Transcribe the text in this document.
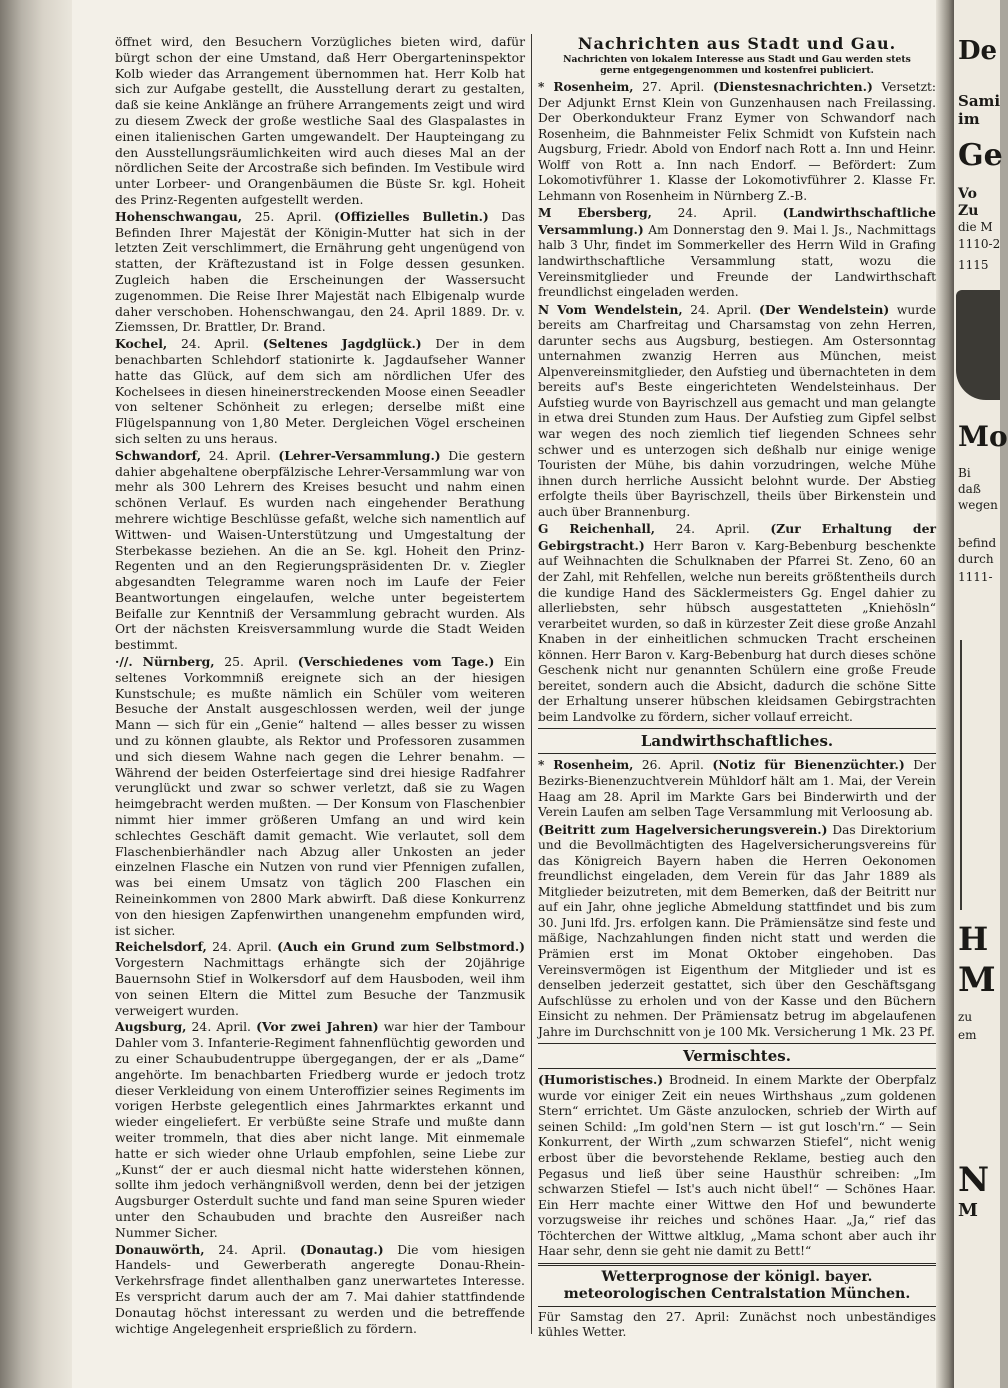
De
Sami
im
Ge
Vo
Zu
die M
1110-2
1115
Mo
Bi
daß
wegen
befind
durch
1111-
H
M
zu
em
N
M

öffnet wird, den Besuchern Vorzügliches bieten wird, dafür bürgt schon der eine Umstand, daß Herr Obergarteninspektor Kolb wieder das Arrangement übernommen hat. Herr Kolb hat sich zur Aufgabe gestellt, die Ausstellung derart zu gestalten, daß sie keine Anklänge an frühere Arrangements zeigt und wird zu diesem Zweck der große westliche Saal des Glaspalastes in einen italienischen Garten umgewandelt. Der Haupteingang zu den Ausstellungsräumlichkeiten wird auch dieses Mal an der nördlichen Seite der Arcostraße sich befinden. Im Vestibule wird unter Lorbeer- und Orangenbäumen die Büste Sr. kgl. Hoheit des Prinz-Regenten aufgestellt werden.

Hohenschwangau, 25. April. (Offizielles Bulletin.) Das Befinden Ihrer Majestät der Königin-Mutter hat sich in der letzten Zeit verschlimmert, die Ernährung geht ungenügend von statten, der Kräftezustand ist in Folge dessen gesunken. Zugleich haben die Erscheinungen der Wassersucht zugenommen. Die Reise Ihrer Majestät nach Elbigenalp wurde daher verschoben. Hohenschwangau, den 24. April 1889. Dr. v. Ziemssen, Dr. Brattler, Dr. Brand.

Kochel, 24. April. (Seltenes Jagdglück.) Der in dem benachbarten Schlehdorf stationirte k. Jagdaufseher Wanner hatte das Glück, auf dem sich am nördlichen Ufer des Kochelsees in diesen hineinerstreckenden Moose einen Seeadler von seltener Schönheit zu erlegen; derselbe mißt eine Flügelspannung von 1,80 Meter. Dergleichen Vögel erscheinen sich selten zu uns heraus.

Schwandorf, 24. April. (Lehrer-Versammlung.) Die gestern dahier abgehaltene oberpfälzische Lehrer-Versammlung war von mehr als 300 Lehrern des Kreises besucht und nahm einen schönen Verlauf. Es wurden nach eingehender Berathung mehrere wichtige Beschlüsse gefaßt, welche sich namentlich auf Wittwen- und Waisen-Unterstützung und Umgestaltung der Sterbekasse beziehen. An die an Se. kgl. Hoheit den Prinz-Regenten und an den Regierungspräsidenten Dr. v. Ziegler abgesandten Telegramme waren noch im Laufe der Feier Beantwortungen eingelaufen, welche unter begeistertem Beifalle zur Kenntniß der Versammlung gebracht wurden. Als Ort der nächsten Kreisversammlung wurde die Stadt Weiden bestimmt.

·//. Nürnberg, 25. April. (Verschiedenes vom Tage.) Ein seltenes Vorkommniß ereignete sich an der hiesigen Kunstschule; es mußte nämlich ein Schüler vom weiteren Besuche der Anstalt ausgeschlossen werden, weil der junge Mann — sich für ein „Genie“ haltend — alles besser zu wissen und zu können glaubte, als Rektor und Professoren zusammen und sich diesem Wahne nach gegen die Lehrer benahm. — Während der beiden Osterfeiertage sind drei hiesige Radfahrer verunglückt und zwar so schwer verletzt, daß sie zu Wagen heimgebracht werden mußten. — Der Konsum von Flaschenbier nimmt hier immer größeren Umfang an und wird kein schlechtes Geschäft damit gemacht. Wie verlautet, soll dem Flaschenbierhändler nach Abzug aller Unkosten an jeder einzelnen Flasche ein Nutzen von rund vier Pfennigen zufallen, was bei einem Umsatz von täglich 200 Flaschen ein Reineinkommen von 2800 Mark abwirft. Daß diese Konkurrenz von den hiesigen Zapfenwirthen unangenehm empfunden wird, ist sicher.

Reichelsdorf, 24. April. (Auch ein Grund zum Selbstmord.) Vorgestern Nachmittags erhängte sich der 20jährige Bauernsohn Stief in Wolkersdorf auf dem Hausboden, weil ihm von seinen Eltern die Mittel zum Besuche der Tanzmusik verweigert wurden.

Augsburg, 24. April. (Vor zwei Jahren) war hier der Tambour Dahler vom 3. Infanterie-Regiment fahnenflüchtig geworden und zu einer Schaubudentruppe übergegangen, der er als „Dame“ angehörte. Im benachbarten Friedberg wurde er jedoch trotz dieser Verkleidung von einem Unteroffizier seines Regiments im vorigen Herbste gelegentlich eines Jahrmarktes erkannt und wieder eingeliefert. Er verbüßte seine Strafe und mußte dann weiter trommeln, that dies aber nicht lange. Mit einmemale hatte er sich wieder ohne Urlaub empfohlen, seine Liebe zur „Kunst“ der er auch diesmal nicht hatte widerstehen können, sollte ihm jedoch verhängnißvoll werden, denn bei der jetzigen Augsburger Osterdult suchte und fand man seine Spuren wieder unter den Schaubuden und brachte den Ausreißer nach Nummer Sicher.

Donauwörth, 24. April. (Donautag.) Die vom hiesigen Handels- und Gewerberath angeregte Donau-Rhein-Verkehrsfrage findet allenthalben ganz unerwartetes Interesse. Es verspricht darum auch der am 7. Mai dahier stattfindende Donautag höchst interessant zu werden und die betreffende wichtige Angelegenheit ersprießlich zu fördern.

Nachrichten aus Stadt und Gau.
Nachrichten von lokalem Interesse aus Stadt und Gau werden stets gerne entgegengenommen und kostenfrei publiciert.

* Rosenheim, 27. April. (Dienstesnachrichten.) Versetzt: Der Adjunkt Ernst Klein von Gunzenhausen nach Freilassing. Der Oberkondukteur Franz Eymer von Schwandorf nach Rosenheim, die Bahnmeister Felix Schmidt von Kufstein nach Augsburg, Friedr. Abold von Endorf nach Rott a. Inn und Heinr. Wolff von Rott a. Inn nach Endorf. — Befördert: Zum Lokomotivführer 1. Klasse der Lokomotivführer 2. Klasse Fr. Lehmann von Rosenheim in Nürnberg Z.-B.

M Ebersberg, 24. April. (Landwirthschaftliche Versammlung.) Am Donnerstag den 9. Mai l. Js., Nachmittags halb 3 Uhr, findet im Sommerkeller des Herrn Wild in Grafing landwirthschaftliche Versammlung statt, wozu die Vereinsmitglieder und Freunde der Landwirthschaft freundlichst eingeladen werden.

N Vom Wendelstein, 24. April. (Der Wendelstein) wurde bereits am Charfreitag und Charsamstag von zehn Herren, darunter sechs aus Augsburg, bestiegen. Am Ostersonntag unternahmen zwanzig Herren aus München, meist Alpenvereinsmitglieder, den Aufstieg und übernachteten in dem bereits auf's Beste eingerichteten Wendelsteinhaus. Der Aufstieg wurde von Bayrischzell aus gemacht und man gelangte in etwa drei Stunden zum Haus. Der Aufstieg zum Gipfel selbst war wegen des noch ziemlich tief liegenden Schnees sehr schwer und es unterzogen sich deßhalb nur einige wenige Touristen der Mühe, bis dahin vorzudringen, welche Mühe ihnen durch herrliche Aussicht belohnt wurde. Der Abstieg erfolgte theils über Bayrischzell, theils über Birkenstein und auch über Brannenburg.

G Reichenhall, 24. April. (Zur Erhaltung der Gebirgstracht.) Herr Baron v. Karg-Bebenburg beschenkte auf Weihnachten die Schulknaben der Pfarrei St. Zeno, 60 an der Zahl, mit Rehfellen, welche nun bereits größtentheils durch die kundige Hand des Säcklermeisters Gg. Engel dahier zu allerliebsten, sehr hübsch ausgestatteten „Kniehösln“ verarbeitet wurden, so daß in kürzester Zeit diese große Anzahl Knaben in der einheitlichen schmucken Tracht erscheinen können. Herr Baron v. Karg-Bebenburg hat durch dieses schöne Geschenk nicht nur genannten Schülern eine große Freude bereitet, sondern auch die Absicht, dadurch die schöne Sitte der Erhaltung unserer hübschen kleidsamen Gebirgstrachten beim Landvolke zu fördern, sicher vollauf erreicht.

Landwirthschaftliches.

* Rosenheim, 26. April. (Notiz für Bienenzüchter.) Der Bezirks-Bienenzuchtverein Mühldorf hält am 1. Mai, der Verein Haag am 28. April im Markte Gars bei Binderwirth und der Verein Laufen am selben Tage Versammlung mit Verloosung ab.

(Beitritt zum Hagelversicherungsverein.) Das Direktorium und die Bevollmächtigten des Hagelversicherungsvereins für das Königreich Bayern haben die Herren Oekonomen freundlichst eingeladen, dem Verein für das Jahr 1889 als Mitglieder beizutreten, mit dem Bemerken, daß der Beitritt nur auf ein Jahr, ohne jegliche Abmeldung stattfindet und bis zum 30. Juni lfd. Jrs. erfolgen kann. Die Prämiensätze sind feste und mäßige, Nachzahlungen finden nicht statt und werden die Prämien erst im Monat Oktober eingehoben. Das Vereinsvermögen ist Eigenthum der Mitglieder und ist es denselben jederzeit gestattet, sich über den Geschäftsgang Aufschlüsse zu erholen und von der Kasse und den Büchern Einsicht zu nehmen. Der Prämiensatz betrug im abgelaufenen Jahre im Durchschnitt von je 100 Mk. Versicherung 1 Mk. 23 Pf.

Vermischtes.

(Humoristisches.) Brodneid. In einem Markte der Oberpfalz wurde vor einiger Zeit ein neues Wirthshaus „zum goldenen Stern“ errichtet. Um Gäste anzulocken, schrieb der Wirth auf seinen Schild: „Im gold'nen Stern — ist gut losch'rn.“ — Sein Konkurrent, der Wirth „zum schwarzen Stiefel“, nicht wenig erbost über die bevorstehende Reklame, bestieg auch den Pegasus und ließ über seine Hausthür schreiben: „Im schwarzen Stiefel — Ist's auch nicht übel!“ — Schönes Haar. Ein Herr machte einer Wittwe den Hof und bewunderte vorzugsweise ihr reiches und schönes Haar. „Ja,“ rief das Töchterchen der Wittwe altklug, „Mama schont aber auch ihr Haar sehr, denn sie geht nie damit zu Bett!“

Wetterprognose der königl. bayer. meteorologischen Centralstation München.

Für Samstag den 27. April: Zunächst noch unbeständiges kühles Wetter.
